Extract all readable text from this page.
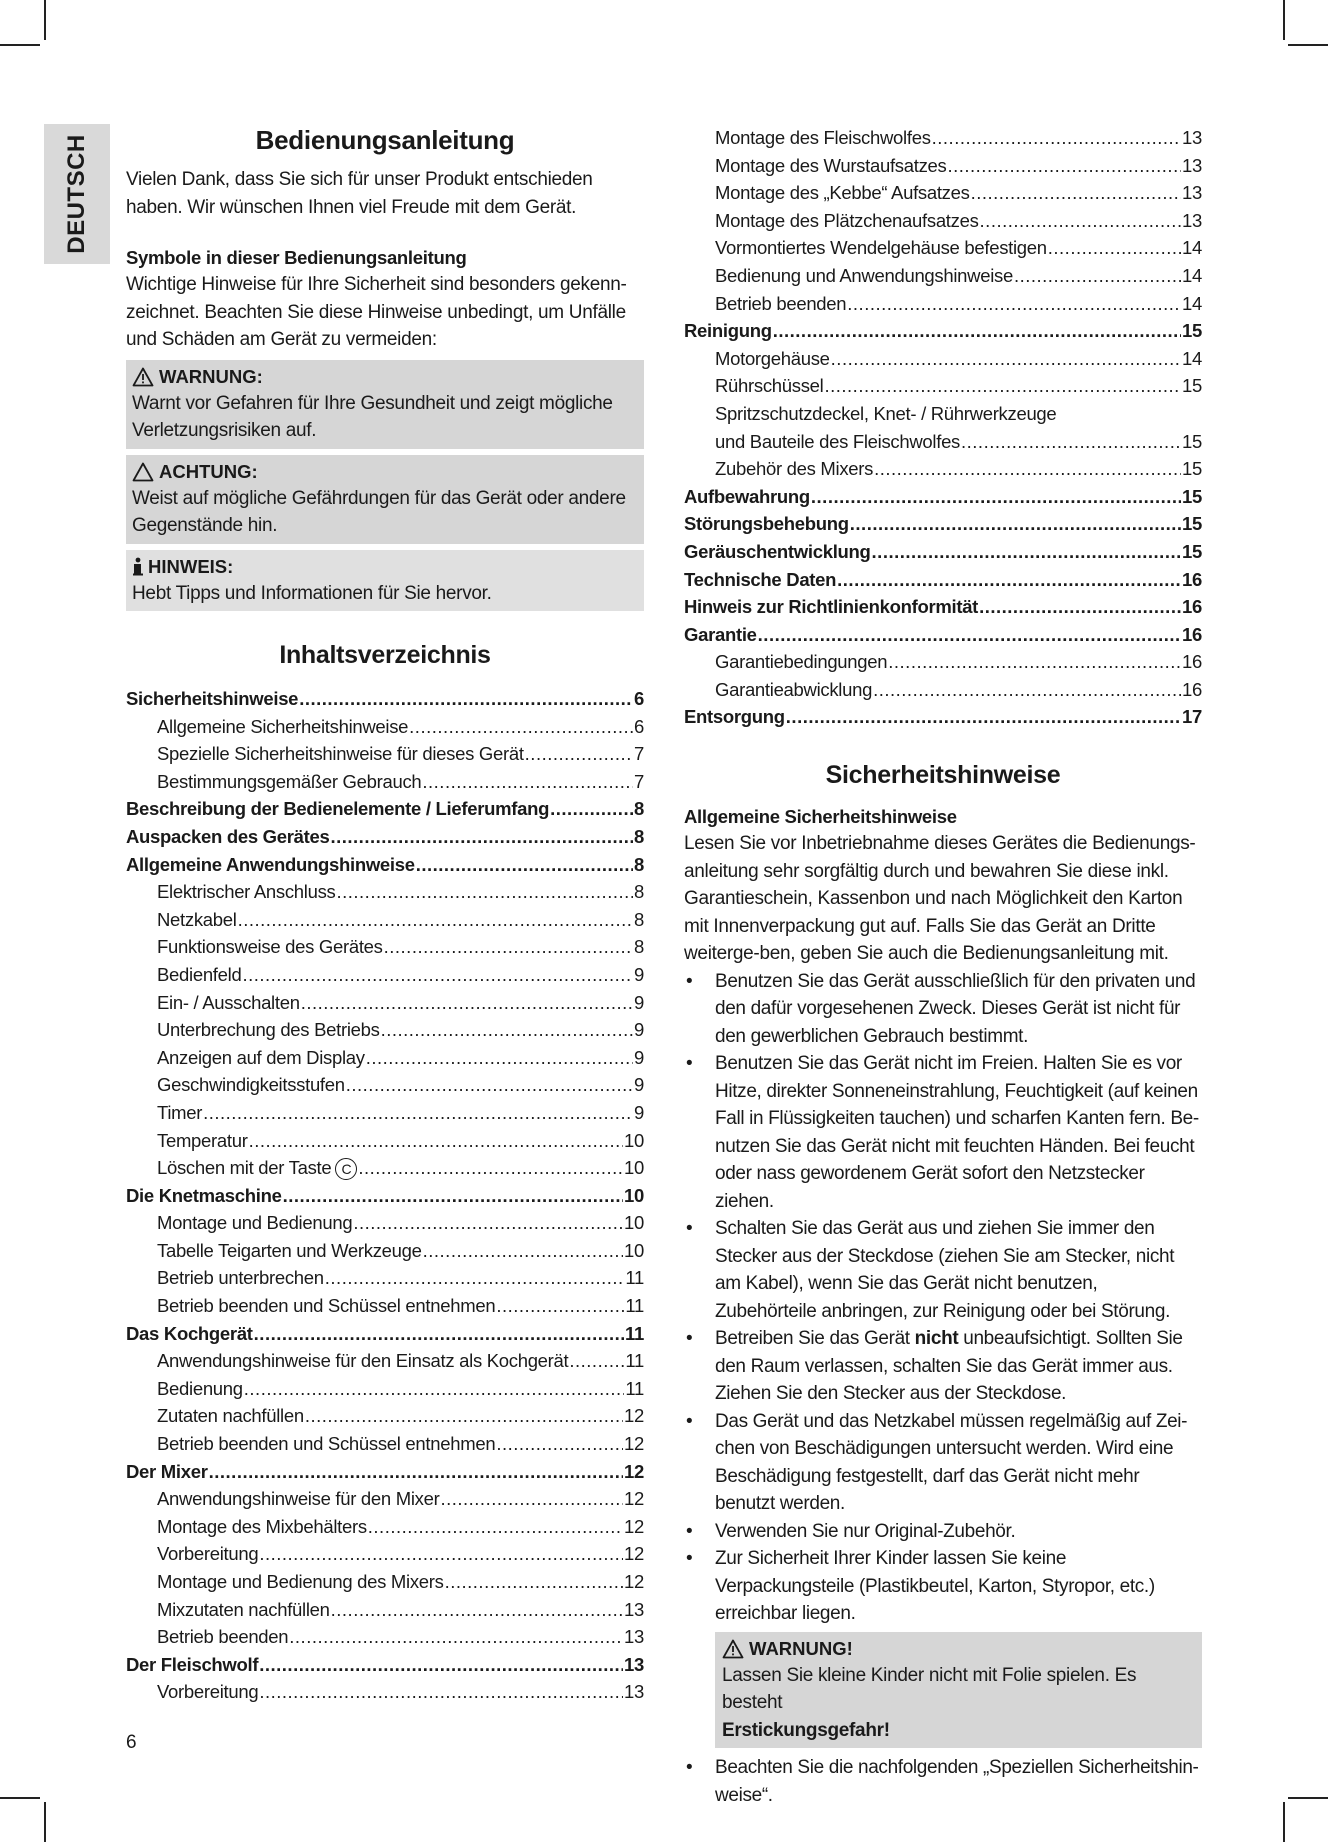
DEUTSCH	Bedienungsanleitung

Vielen Dank, dass Sie sich für unser Produkt entschieden haben. Wir wünschen Ihnen viel Freude mit dem Gerät.

Symbole in dieser Bedienungsanleitung

Wichtige Hinweise für Ihre Sicherheit sind besonders gekenn-zeichnet. Beachten Sie diese Hinweise unbedingt, um Unfälle und Schäden am Gerät zu vermeiden:

WARNUNG:
Warnt vor Gefahren für Ihre Gesundheit und zeigt mögliche Verletzungsrisiken auf.
ACHTUNG:
Weist auf mögliche Gefährdungen für das Gerät oder andere Gegenstände hin.
HINWEIS:
Hebt Tipps und Informationen für Sie hervor.
Inhaltsverzeichnis
Sicherheitshinweise .....	6
Allgemeine Sicherheitshinweise .....	6
Spezielle Sicherheitshinweise für dieses Gerät .....	7
Bestimmungsgemäßer Gebrauch .....	7
Beschreibung der Bedienelemente / Lieferumfang .....	8
Auspacken des Gerätes .....	8
Allgemeine Anwendungshinweise .....	8
Elektrischer Anschluss .....	8
Netzkabel .....	8
Funktionsweise des Gerätes .....	8
Bedienfeld .....	9
Ein- / Ausschalten .....	9
Unterbrechung des Betriebs .....	9
Anzeigen auf dem Display .....	9
Geschwindigkeitsstufen .....	9
Timer .....	9
Temperatur .....	10
Löschen mit der Taste C .....	10
Die Knetmaschine .....	10
Montage und Bedienung .....	10
Tabelle Teigarten und Werkzeuge .....	10
Betrieb unterbrechen .....	11
Betrieb beenden und Schüssel entnehmen .....	11
Das Kochgerät .....	11
Anwendungshinweise für den Einsatz als Kochgerät .....	11
Bedienung .....	11
Zutaten nachfüllen .....	12
Betrieb beenden und Schüssel entnehmen .....	12
Der Mixer .....	12
Anwendungshinweise für den Mixer .....	12
Montage des Mixbehälters .....	12
Vorbereitung .....	12
Montage und Bedienung des Mixers .....	12
Mixzutaten nachfüllen .....	13
Betrieb beenden .....	13
Der Fleischwolf .....	13
Vorbereitung .....	13
Montage des Fleischwolfes .....	13
Montage des Wurstaufsatzes .....	13
Montage des „Kebbe“ Aufsatzes .....	13
Montage des Plätzchenaufsatzes .....	13
Vormontiertes Wendelgehäuse befestigen .....	14
Bedienung und Anwendungshinweise .....	14
Betrieb beenden .....	14
Reinigung .....	15
Motorgehäuse .....	14
Rührschüssel .....	15
Spritzschutzdeckel, Knet- / Rührwerkzeuge
und Bauteile des Fleischwolfes .....	15
Zubehör des Mixers .....	15
Aufbewahrung .....	15
Störungsbehebung .....	15
Geräuschentwicklung .....	15
Technische Daten .....	16
Hinweis zur Richtlinienkonformität .....	16
Garantie .....	16
Garantiebedingungen .....	16
Garantieabwicklung .....	16
Entsorgung .....	17
Sicherheitshinweise

Allgemeine Sicherheitshinweise

Lesen Sie vor Inbetriebnahme dieses Gerätes die Bedienungs-anleitung sehr sorgfältig durch und bewahren Sie diese inkl. Garantieschein, Kassenbon und nach Möglichkeit den Karton mit Innenverpackung gut auf. Falls Sie das Gerät an Dritte weiterge-ben, geben Sie auch die Bedienungsanleitung mit.

• Benutzen Sie das Gerät ausschließlich für den privaten und den dafür vorgesehenen Zweck. Dieses Gerät ist nicht für den gewerblichen Gebrauch bestimmt.
• Benutzen Sie das Gerät nicht im Freien. Halten Sie es vor Hitze, direkter Sonneneinstrahlung, Feuchtigkeit (auf keinen Fall in Flüssigkeiten tauchen) und scharfen Kanten fern. Be-nutzen Sie das Gerät nicht mit feuchten Händen. Bei feucht oder nass gewordenem Gerät sofort den Netzstecker ziehen.
• Schalten Sie das Gerät aus und ziehen Sie immer den Stecker aus der Steckdose (ziehen Sie am Stecker, nicht am Kabel), wenn Sie das Gerät nicht benutzen, Zubehörteile anbringen, zur Reinigung oder bei Störung.
• Betreiben Sie das Gerät nicht unbeaufsichtigt. Sollten Sie den Raum verlassen, schalten Sie das Gerät immer aus. Ziehen Sie den Stecker aus der Steckdose.
• Das Gerät und das Netzkabel müssen regelmäßig auf Zei-chen von Beschädigungen untersucht werden. Wird eine Beschädigung festgestellt, darf das Gerät nicht mehr benutzt werden.
• Verwenden Sie nur Original-Zubehör.
• Zur Sicherheit Ihrer Kinder lassen Sie keine Verpackungsteile (Plastikbeutel, Karton, Styropor, etc.) erreichbar liegen.
WARNUNG!
Lassen Sie kleine Kinder nicht mit Folie spielen. Es besteht
Erstickungsgefahr!
• Beachten Sie die nachfolgenden „Speziellen Sicherheitshin-weise“.
6
